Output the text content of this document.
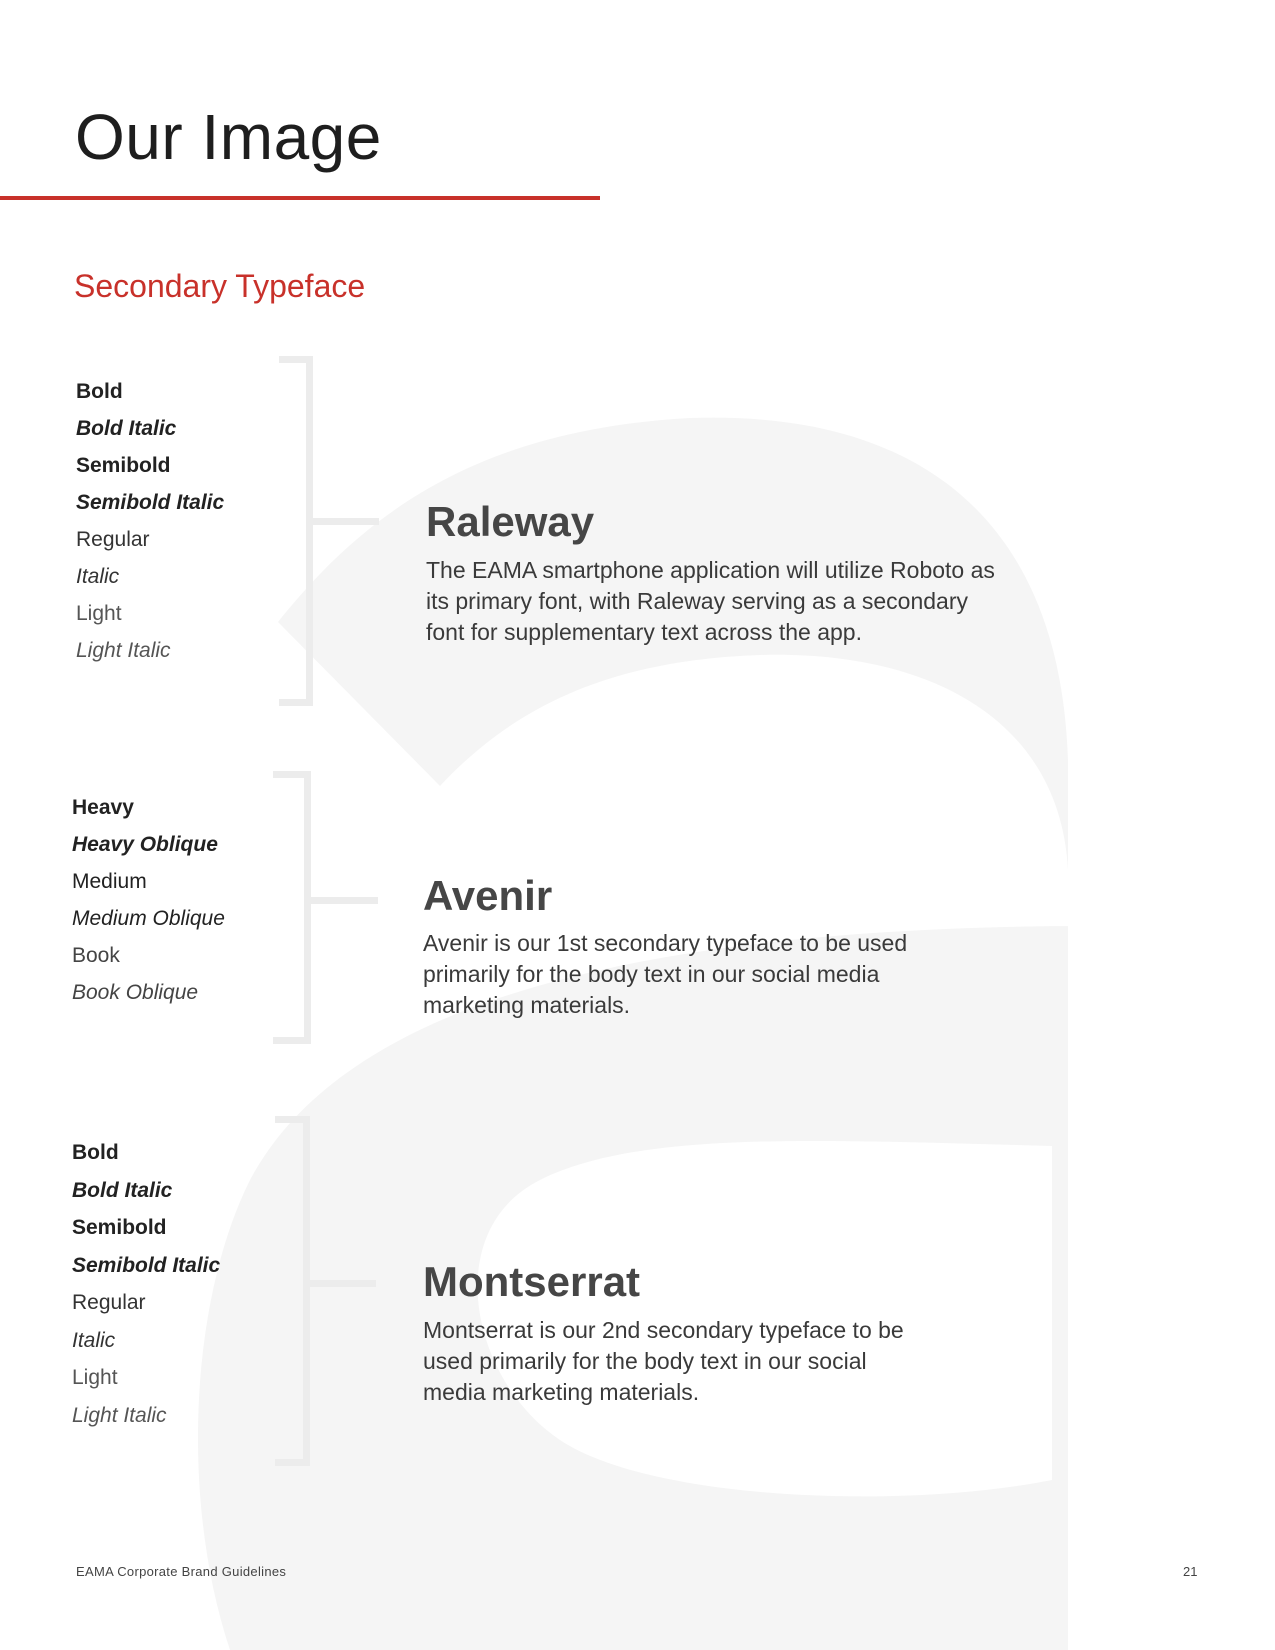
Our Image
Secondary Typeface
Bold
Bold Italic
Semibold
Semibold Italic
Regular
Italic
Light
Light Italic
Raleway

The EAMA smartphone application will utilize Roboto as its primary font, with Raleway serving as a secondary font for supplementary text across the app.

Heavy
Heavy Oblique
Medium
Medium Oblique
Book
Book Oblique
Avenir

Avenir is our 1st secondary typeface to be used primarily for the body text in our social media marketing materials.

Bold
Bold Italic
Semibold
Semibold Italic
Regular
Italic
Light
Light Italic
Montserrat

Montserrat is our 2nd secondary typeface to be used primarily for the body text in our social media marketing materials.

EAMA Corporate Brand Guidelines	21
